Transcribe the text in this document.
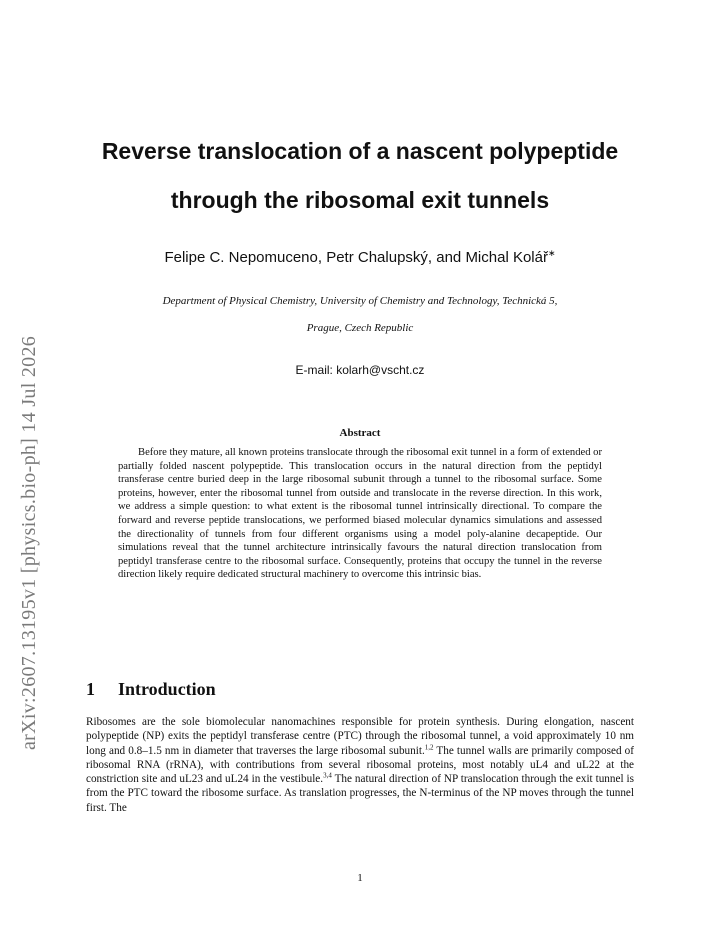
arXiv:2607.13195v1 [physics.bio-ph] 14 Jul 2026
Reverse translocation of a nascent polypeptide
through the ribosomal exit tunnels
Felipe C. Nepomuceno, Petr Chalupský, and Michal Kolář∗
Department of Physical Chemistry, University of Chemistry and Technology, Technická 5,
Prague, Czech Republic
E-mail: kolarh@vscht.cz
Abstract
Before they mature, all known proteins translocate through the ribosomal exit tunnel in a form of extended or partially folded nascent polypeptide. This translocation occurs in the natural direction from the peptidyl transferase centre buried deep in the large ribosomal subunit through a tunnel to the ribosomal surface. Some proteins, however, enter the ribosomal tunnel from outside and translocate in the reverse direction. In this work, we address a simple question: to what extent is the ribosomal tunnel intrinsically directional. To compare the forward and reverse peptide translocations, we performed biased molecular dynamics simulations and assessed the directionality of tunnels from four different organisms using a model poly-alanine decapeptide. Our simulations reveal that the tunnel architecture intrinsically favours the natural direction translocation from peptidyl transferase centre to the ribosomal surface. Consequently, proteins that occupy the tunnel in the reverse direction likely require dedicated structural machinery to overcome this intrinsic bias.
1 Introduction
Ribosomes are the sole biomolecular nanomachines responsible for protein synthesis. During elongation, nascent polypeptide (NP) exits the peptidyl transferase centre (PTC) through the ribosomal tunnel, a void approximately 10 nm long and 0.8–1.5 nm in diameter that traverses the large ribosomal subunit.$^{1,2}$ The tunnel walls are primarily composed of ribosomal RNA (rRNA), with contributions from several ribosomal proteins, most notably uL4 and uL22 at the constriction site and uL23 and uL24 in the vestibule.$^{3,4}$ The natural direction of NP translocation through the exit tunnel is from the PTC toward the ribosome surface. As translation progresses, the N-terminus of the NP moves through the tunnel first. The
1
